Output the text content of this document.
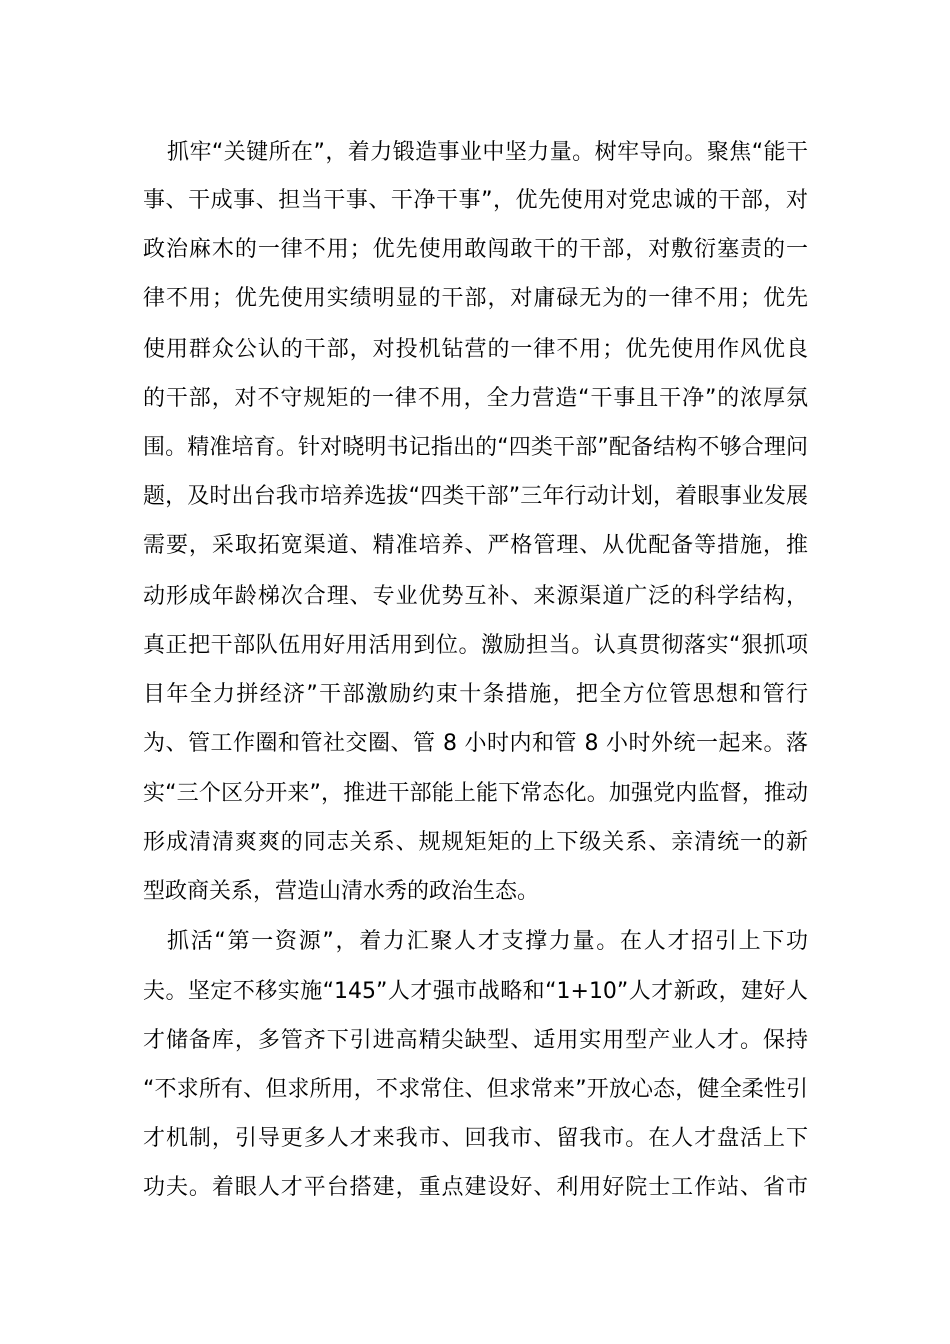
抓牢“关键所在”，着力锻造事业中坚力量。树牢导向。聚焦“能干
事、干成事、担当干事、干净干事”，优先使用对党忠诚的干部，对
政治麻木的一律不用；优先使用敢闯敢干的干部，对敷衍塞责的一
律不用；优先使用实绩明显的干部，对庸碌无为的一律不用；优先
使用群众公认的干部，对投机钻营的一律不用；优先使用作风优良
的干部，对不守规矩的一律不用，全力营造“干事且干净”的浓厚氛
围。精准培育。针对晓明书记指出的“四类干部”配备结构不够合理问
题，及时出台我市培养选拔“四类干部”三年行动计划，着眼事业发展
需要，采取拓宽渠道、精准培养、严格管理、从优配备等措施，推
动形成年龄梯次合理、专业优势互补、来源渠道广泛的科学结构，
真正把干部队伍用好用活用到位。激励担当。认真贯彻落实“狠抓项
目年全力拼经济”干部激励约束十条措施，把全方位管思想和管行
为、管工作圈和管社交圈、管 8 小时内和管 8 小时外统一起来。落
实“三个区分开来”，推进干部能上能下常态化。加强党内监督，推动
形成清清爽爽的同志关系、规规矩矩的上下级关系、亲清统一的新
型政商关系，营造山清水秀的政治生态。
抓活“第一资源”，着力汇聚人才支撑力量。在人才招引上下功
夫。坚定不移实施“145”人才强市战略和“1+10”人才新政，建好人
才储备库，多管齐下引进高精尖缺型、适用实用型产业人才。保持
“不求所有、但求所用，不求常住、但求常来”开放心态，健全柔性引
才机制，引导更多人才来我市、回我市、留我市。在人才盘活上下
功夫。着眼人才平台搭建，重点建设好、利用好院士工作站、省市
